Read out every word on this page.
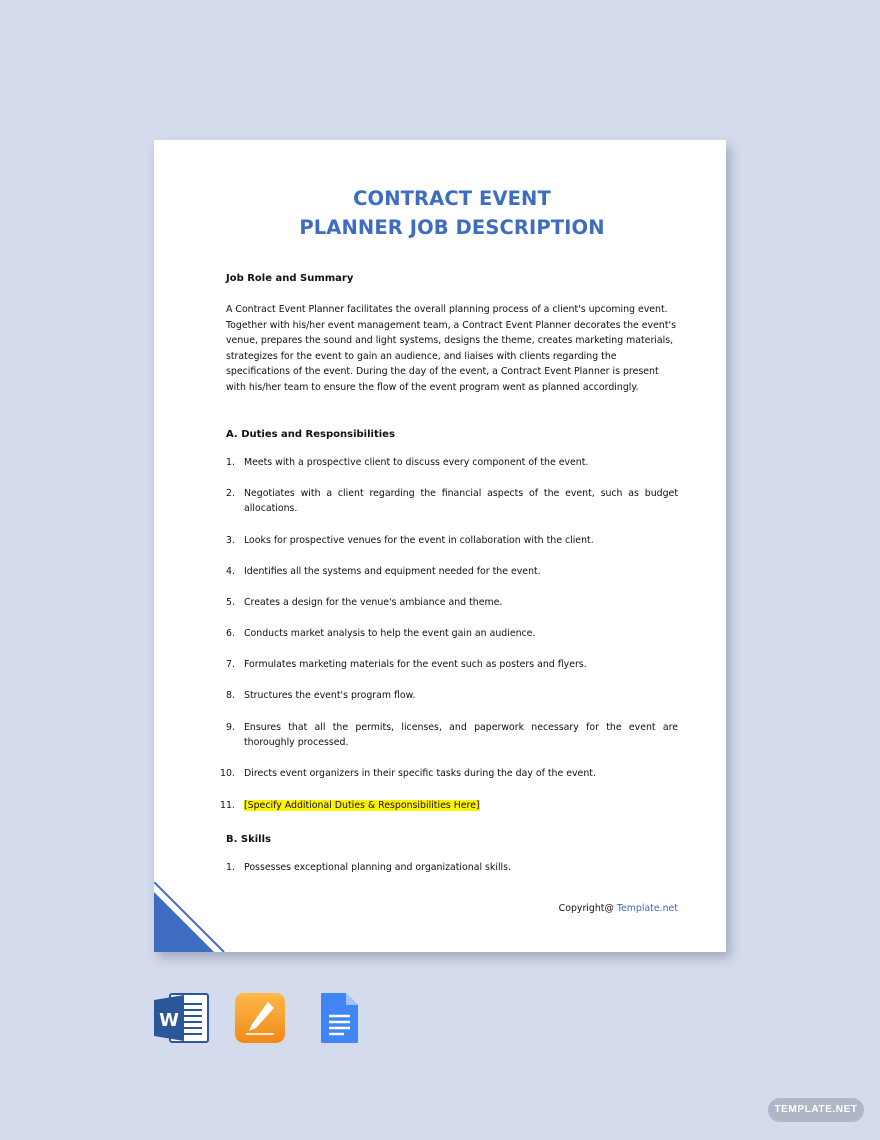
CONTRACT EVENT
PLANNER JOB DESCRIPTION
Job Role and Summary

A Contract Event Planner facilitates the overall planning process of a client's upcoming event. Together with his/her event management team, a Contract Event Planner decorates the event's venue, prepares the sound and light systems, designs the theme, creates marketing materials, strategizes for the event to gain an audience, and liaises with clients regarding the specifications of the event. During the day of the event, a Contract Event Planner is present with his/her team to ensure the flow of the event program went as planned accordingly.

A. Duties and Responsibilities
1. Meets with a prospective client to discuss every component of the event.
2. Negotiates with a client regarding the financial aspects of the event, such as budget allocations.
3. Looks for prospective venues for the event in collaboration with the client.
4. Identifies all the systems and equipment needed for the event.
5. Creates a design for the venue's ambiance and theme.
6. Conducts market analysis to help the event gain an audience.
7. Formulates marketing materials for the event such as posters and flyers.
8. Structures the event's program flow.
9. Ensures that all the permits, licenses, and paperwork necessary for the event are thoroughly processed.
10. Directs event organizers in their specific tasks during the day of the event.
11. [Specify Additional Duties & Responsibilities Here]
B. Skills
1. Possesses exceptional planning and organizational skills.
Copyright@ Template.net
W
TEMPLATE.NET
